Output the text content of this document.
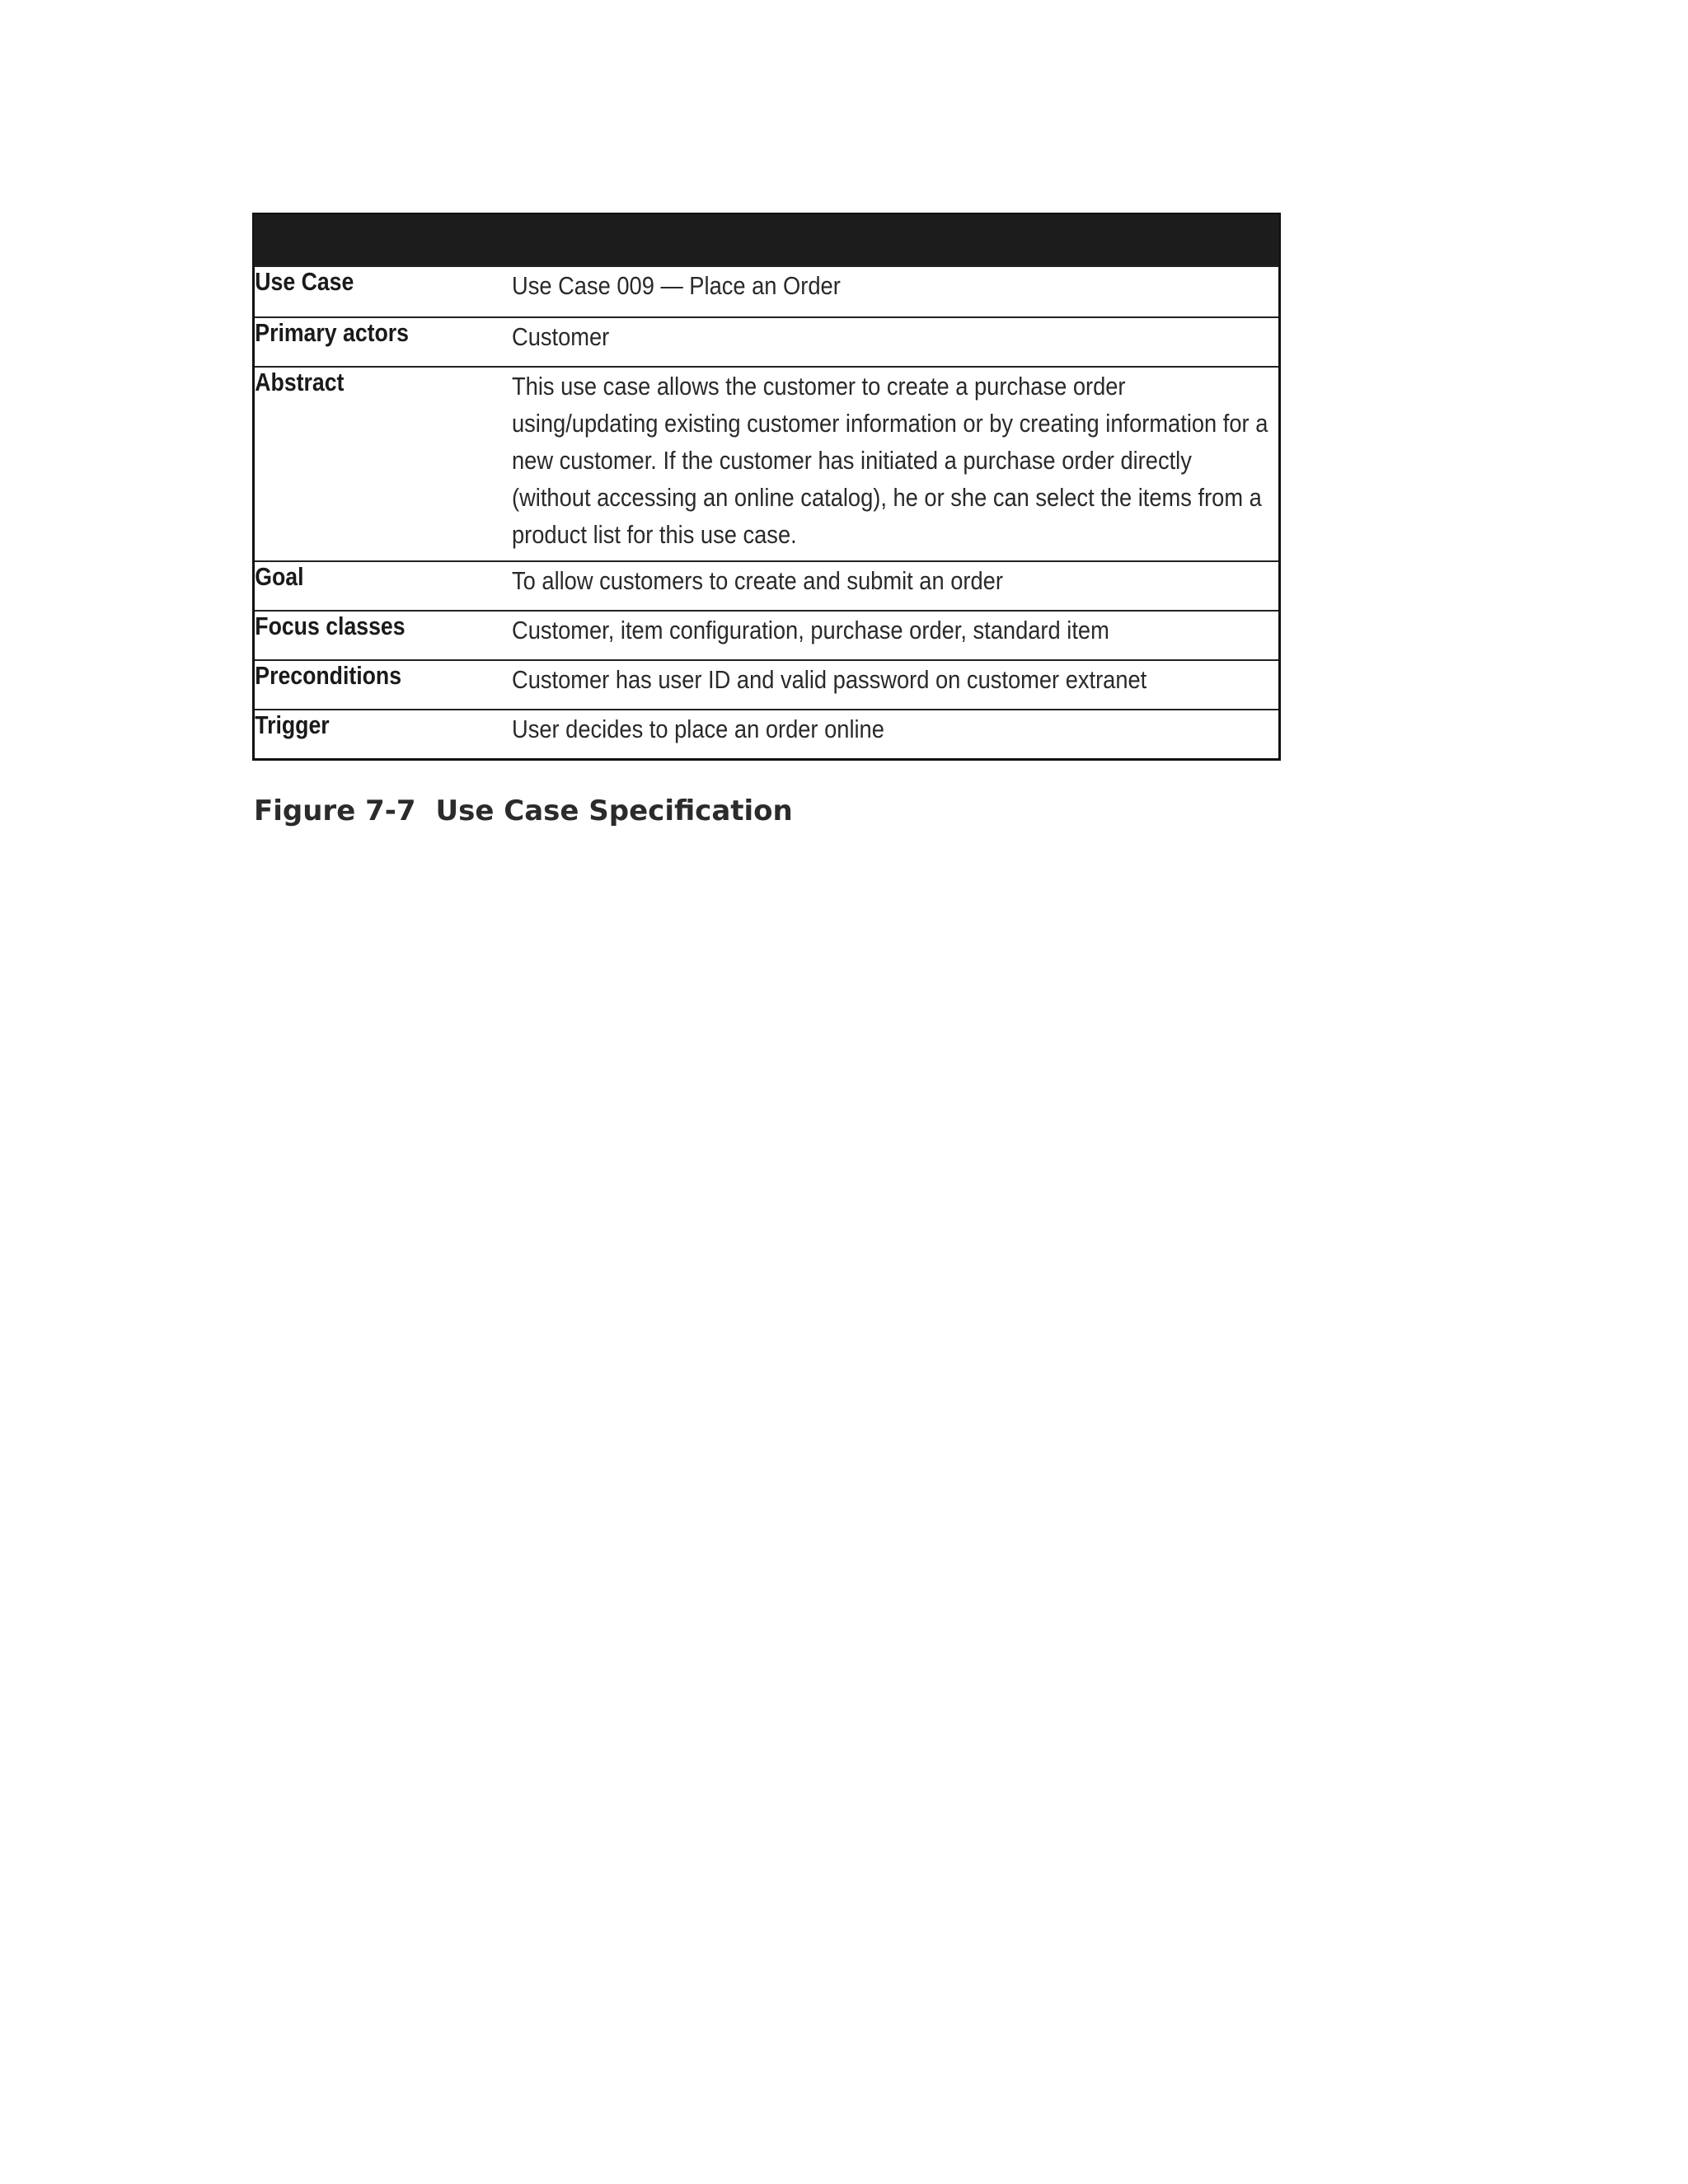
Use Case	Use Case 009 — Place an Order
Primary actors	Customer
Abstract	This use case allows the customer to create a purchase order using/updating existing customer information or by creating information for a new customer. If the customer has initiated a purchase order directly (without accessing an online catalog), he or she can select the items from a product list for this use case.
Goal	To allow customers to create and submit an order
Focus classes	Customer, item configuration, purchase order, standard item
Preconditions	Customer has user ID and valid password on customer extranet
Trigger	User decides to place an order online
Figure 7-7 Use Case Specification
